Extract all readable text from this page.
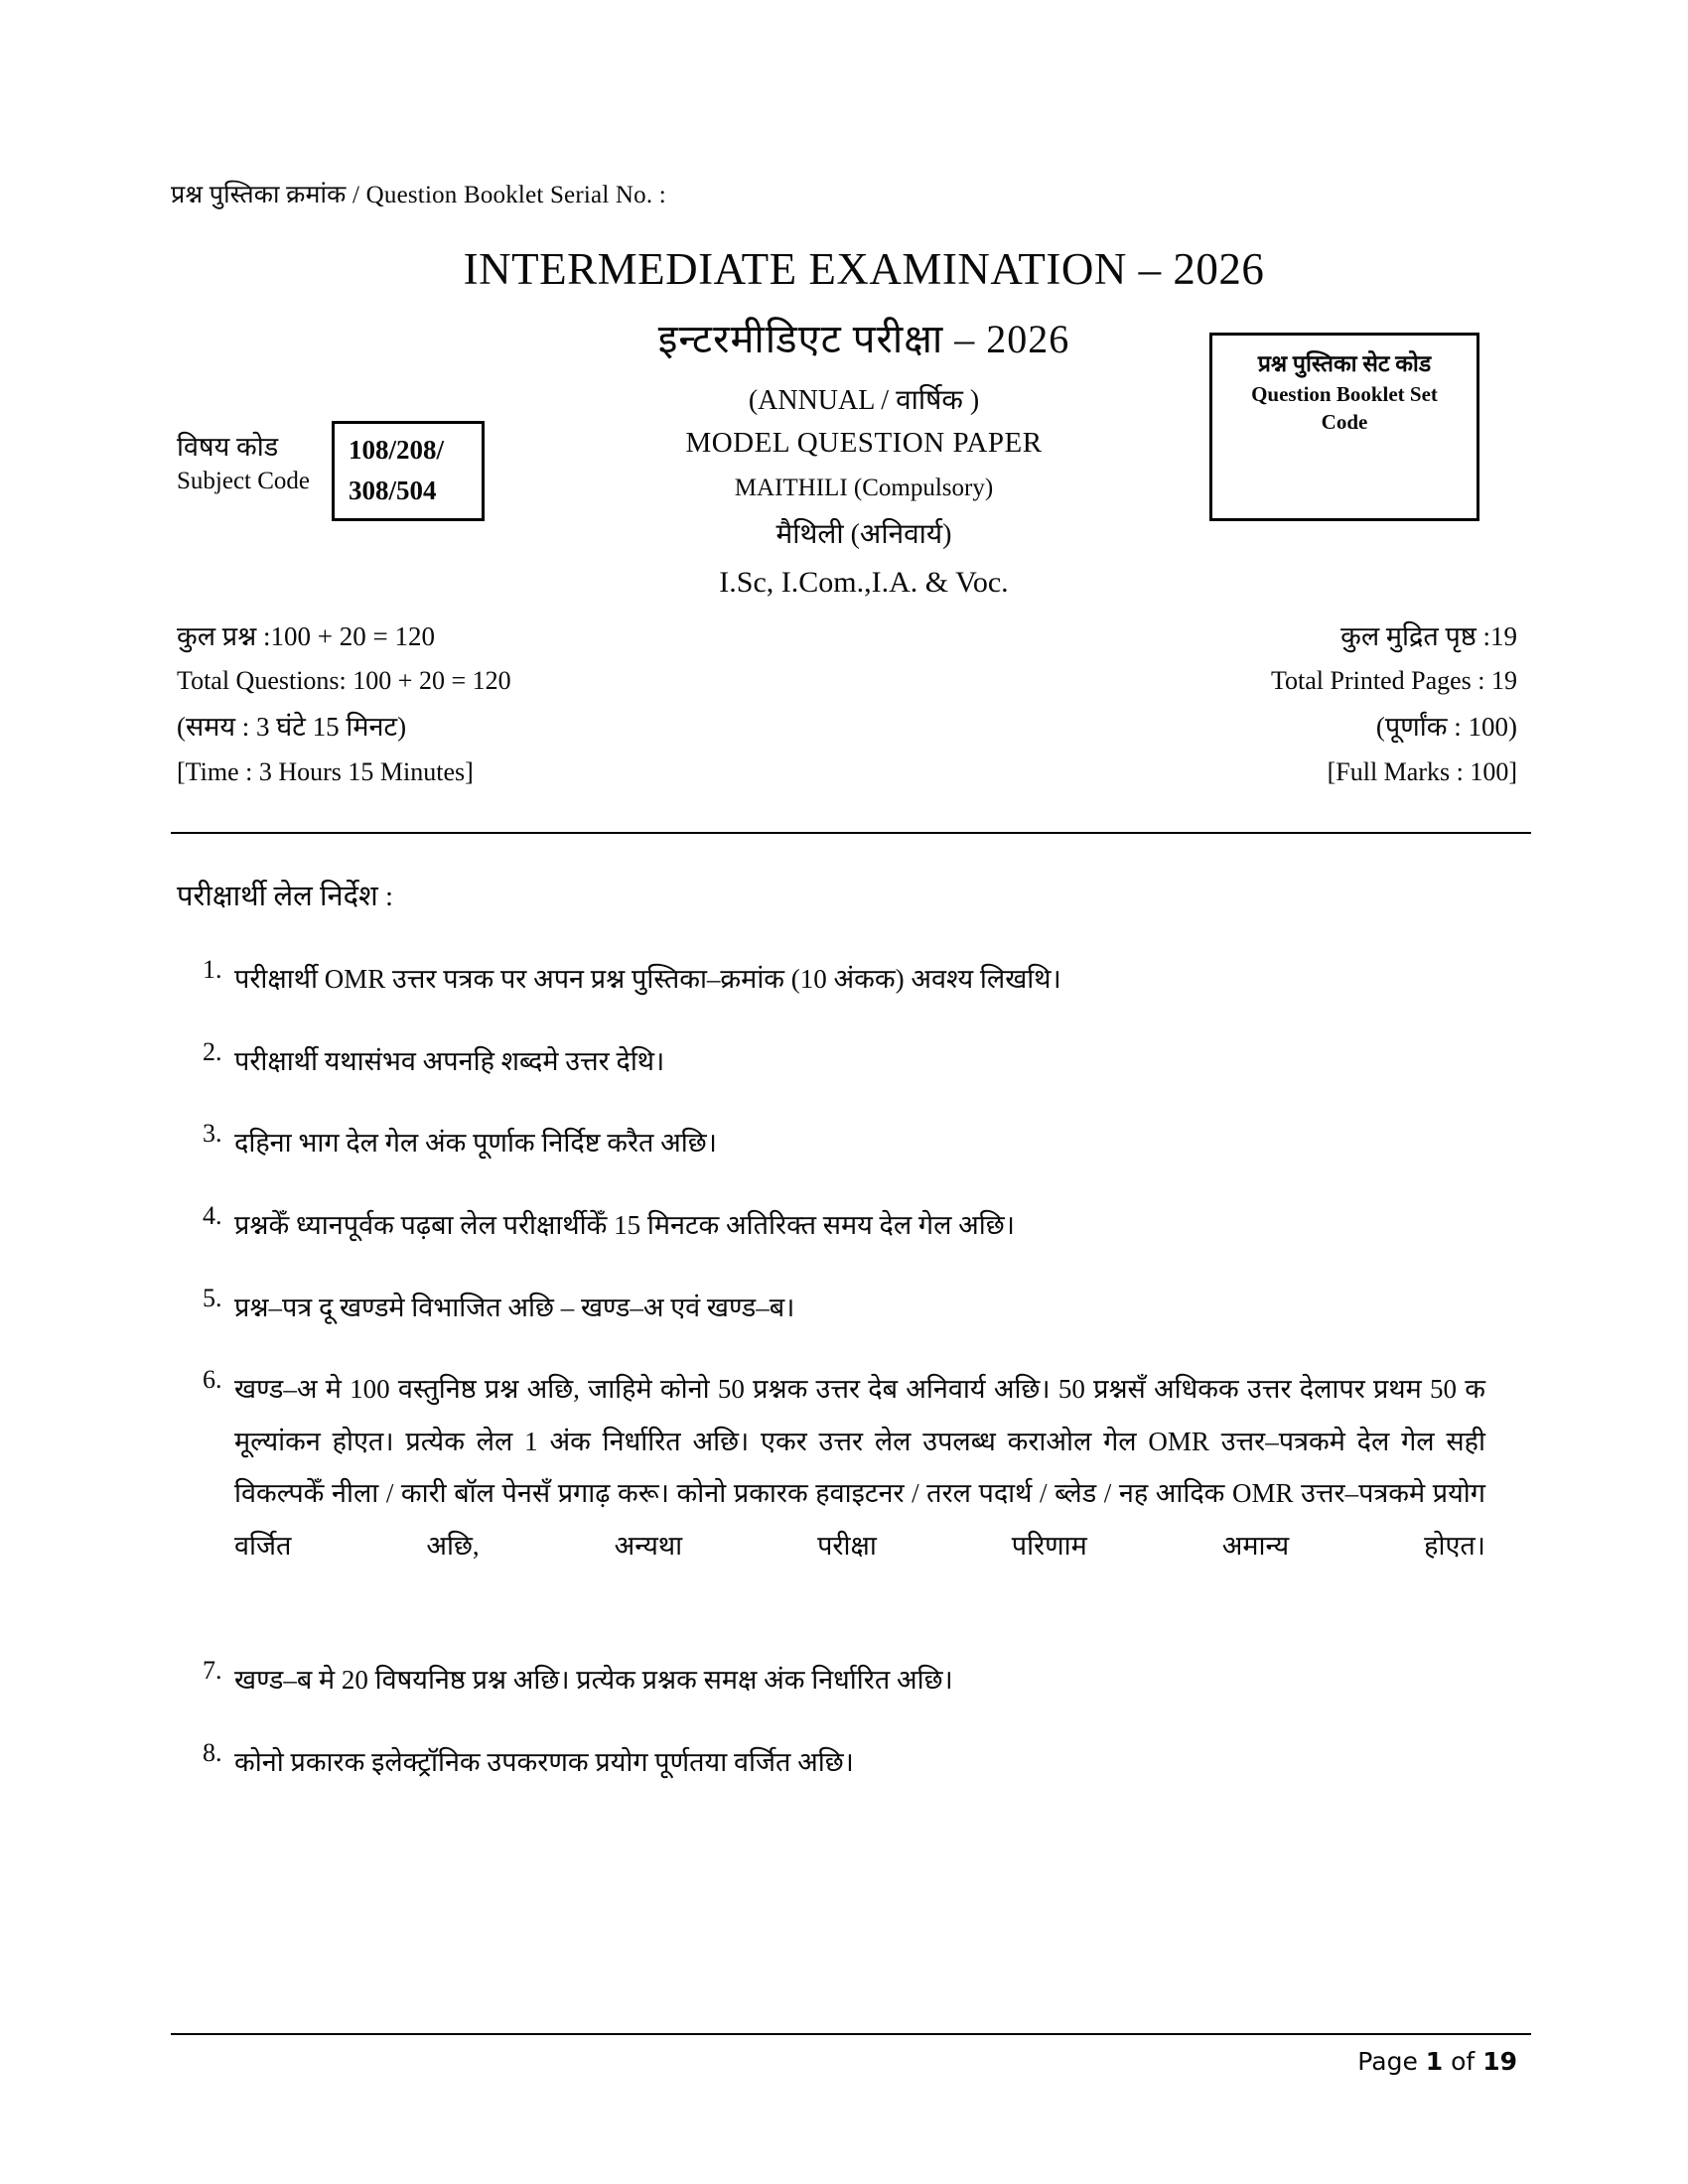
प्रश्न पुस्तिका क्रमांक / Question Booklet Serial No. :
INTERMEDIATE EXAMINATION – 2026
इन्टरमीडिएट परीक्षा – 2026
(ANNUAL / वार्षिक )
MODEL QUESTION PAPER
MAITHILI (Compulsory)
मैथिली (अनिवार्य)
I.Sc, I.Com.,I.A. & Voc.
विषय कोड
Subject Code
108/208/
308/504
प्रश्न पुस्तिका सेट कोड
Question Booklet Set
Code
कुल प्रश्न :100 + 20 = 120
Total Questions: 100 + 20 = 120
(समय : 3 घंटे 15 मिनट)
[Time : 3 Hours 15 Minutes]
कुल मुद्रित पृष्ठ :19
Total Printed Pages : 19
(पूर्णांक : 100)
[Full Marks : 100]
परीक्षार्थी लेल निर्देश :
1. परीक्षार्थी OMR उत्तर पत्रक पर अपन प्रश्न पुस्तिका–क्रमांक (10 अंकक) अवश्य लिखथि।
2. परीक्षार्थी यथासंभव अपनहि शब्दमे उत्तर देथि।
3. दहिना भाग देल गेल अंक पूर्णाक निर्दिष्ट करैत अछि।
4. प्रश्नकेँ ध्यानपूर्वक पढ़बा लेल परीक्षार्थीकेँ 15 मिनटक अतिरिक्त समय देल गेल अछि।
5. प्रश्न–पत्र दू खण्डमे विभाजित अछि – खण्ड–अ एवं खण्ड–ब।
6. खण्ड–अ मे 100 वस्तुनिष्ठ प्रश्न अछि, जाहिमे कोनो 50 प्रश्नक उत्तर देब अनिवार्य अछि। 50 प्रश्नसँ अधिकक उत्तर देलापर प्रथम 50 क मूल्यांकन होएत। प्रत्येक लेल 1 अंक निर्धारित अछि। एकर उत्तर लेल उपलब्ध कराओल गेल OMR उत्तर–पत्रकमे देल गेल सही विकल्पकेँ नीला / कारी बॉल पेनसँ प्रगाढ़ करू। कोनो प्रकारक हवाइटनर / तरल पदार्थ / ब्लेड / नह आदिक OMR उत्तर–पत्रकमे प्रयोग वर्जित अछि, अन्यथा परीक्षा परिणाम अमान्य होएत।
7. खण्ड–ब मे 20 विषयनिष्ठ प्रश्न अछि। प्रत्येक प्रश्नक समक्ष अंक निर्धारित अछि।
8. कोनो प्रकारक इलेक्ट्रॉनिक उपकरणक प्रयोग पूर्णतया वर्जित अछि।
Page 1 of 19
